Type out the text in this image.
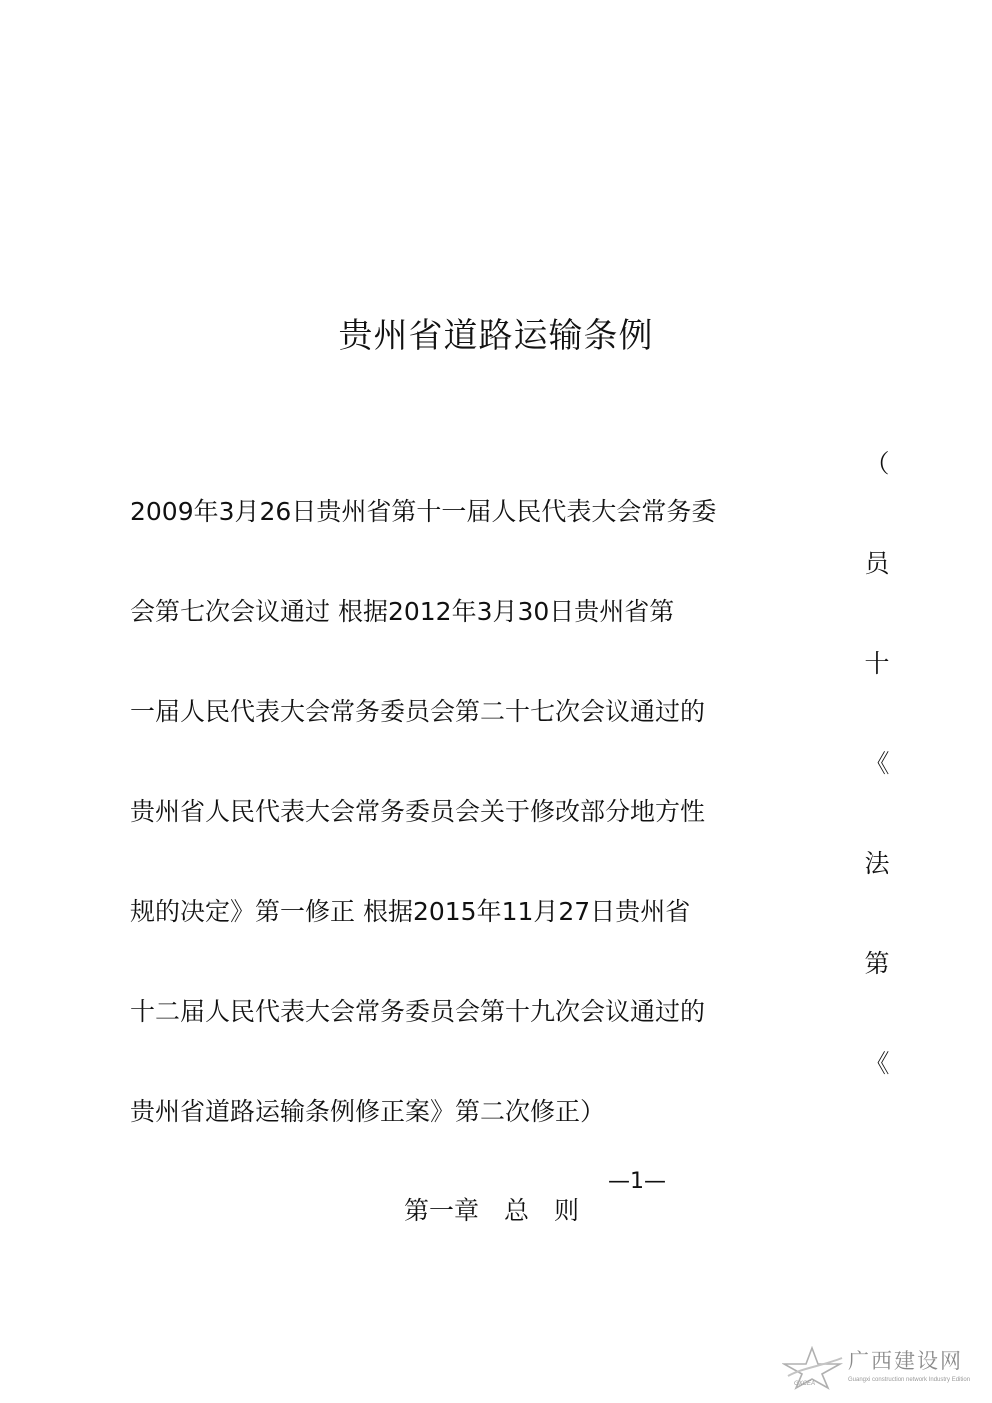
贵州省道路运输条例
2009年3月26日贵州省第十一届人民代表大会常务委
会第七次会议通过 根据2012年3月30日贵州省第
一届人民代表大会常务委员会第二十七次会议通过的
贵州省人民代表大会常务委员会关于修改部分地方性
规的决定》第一修正 根据2015年11月27日贵州省
十二届人民代表大会常务委员会第十九次会议通过的
贵州省道路运输条例修正案》第二次修正）
（
员
十
《
法
第
《
—1—
第一章　总　则
GXCEA
广西建设网
Guangxi construction network Industry Edition
